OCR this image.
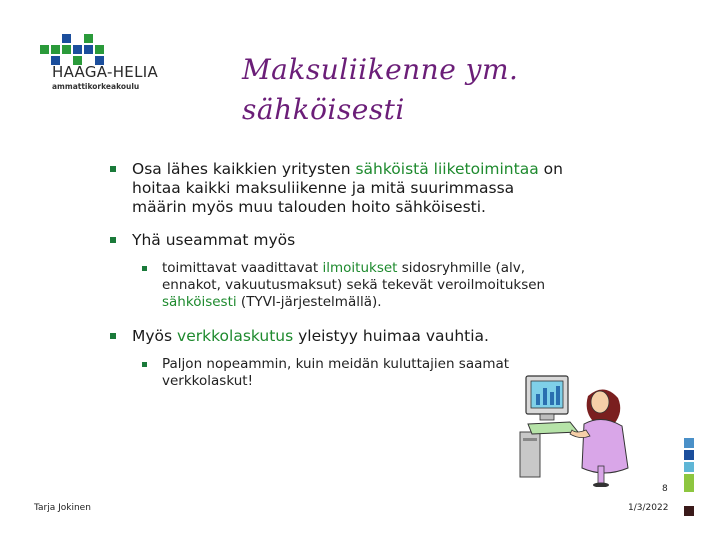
HAAGA-HELIA
ammattikorkeakoulu
Maksuliikenne ym. sähköisesti
Osa lähes kaikkien yritysten sähköistä liiketoimintaa on hoitaa kaikki maksuliikenne ja mitä suurimmassa määrin myös muu talouden hoito sähköisesti.
Yhä useammat myös
toimittavat vaadittavat ilmoitukset sidosryhmille (alv, ennakot, vakuutusmaksut) sekä tekevät veroilmoituksen sähköisesti (TYVI-järjestelmällä).
Myös verkkolaskutus yleistyy huimaa vauhtia.
Paljon nopeammin, kuin meidän kuluttajien saamat verkkolaskut!
Tarja Jokinen
8
1/3/2022
